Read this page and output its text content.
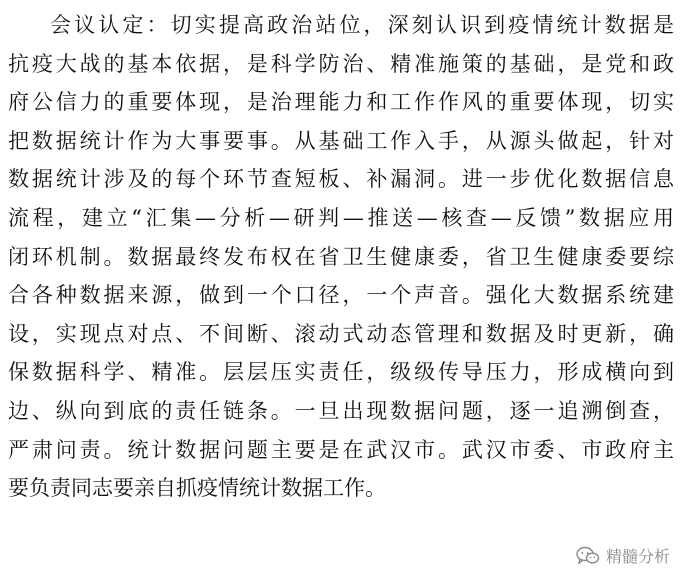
会议认定：切实提高政治站位，深刻认识到疫情统计数据是
抗疫大战的基本依据，是科学防治、精准施策的基础，是党和政
府公信力的重要体现，是治理能力和工作作风的重要体现，切实
把数据统计作为大事要事。从基础工作入手，从源头做起，针对
数据统计涉及的每个环节查短板、补漏洞。进一步优化数据信息
流程，建立“汇集—分析—研判—推送—核查—反馈”数据应用
闭环机制。数据最终发布权在省卫生健康委，省卫生健康委要综
合各种数据来源，做到一个口径，一个声音。强化大数据系统建
设，实现点对点、不间断、滚动式动态管理和数据及时更新，确
保数据科学、精准。层层压实责任，级级传导压力，形成横向到
边、纵向到底的责任链条。一旦出现数据问题，逐一追溯倒查，
严肃问责。统计数据问题主要是在武汉市。武汉市委、市政府主
要负责同志要亲自抓疫情统计数据工作。
精髓分析
